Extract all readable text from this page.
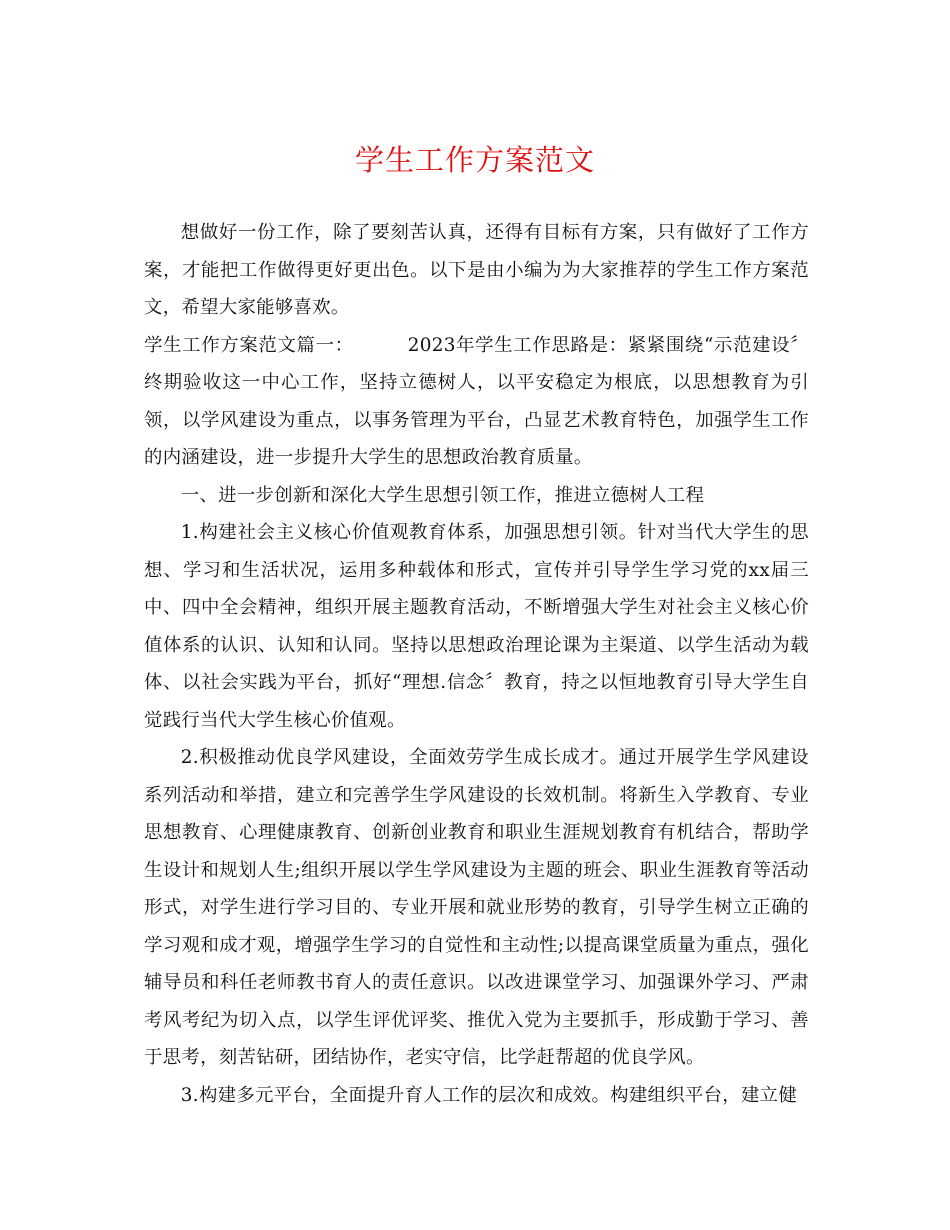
学生工作方案范文

想做好一份工作，除了要刻苦认真，还得有目标有方案，只有做好了工作方案，才能把工作做得更好更出色。以下是由小编为为大家推荐的学生工作方案范文，希望大家能够喜欢。

学生工作方案范文篇一：	2023年学生工作思路是：紧紧围绕“示范建设〞终期验收这一中心工作，坚持立德树人，以平安稳定为根底，以思想教育为引领，以学风建设为重点，以事务管理为平台，凸显艺术教育特色，加强学生工作的内涵建设，进一步提升大学生的思想政治教育质量。

一、进一步创新和深化大学生思想引领工作，推进立德树人工程

1.构建社会主义核心价值观教育体系，加强思想引领。针对当代大学生的思想、学习和生活状况，运用多种载体和形式，宣传并引导学生学习党的xx届三中、四中全会精神，组织开展主题教育活动，不断增强大学生对社会主义核心价值体系的认识、认知和认同。坚持以思想政治理论课为主渠道、以学生活动为载体、以社会实践为平台，抓好“理想.信念〞教育，持之以恒地教育引导大学生自觉践行当代大学生核心价值观。

2.积极推动优良学风建设，全面效劳学生成长成才。通过开展学生学风建设系列活动和举措，建立和完善学生学风建设的长效机制。将新生入学教育、专业思想教育、心理健康教育、创新创业教育和职业生涯规划教育有机结合，帮助学生设计和规划人生;组织开展以学生学风建设为主题的班会、职业生涯教育等活动形式，对学生进行学习目的、专业开展和就业形势的教育，引导学生树立正确的学习观和成才观，增强学生学习的自觉性和主动性;以提高课堂质量为重点，强化辅导员和科任老师教书育人的责任意识。以改进课堂学习、加强课外学习、严肃考风考纪为切入点，以学生评优评奖、推优入党为主要抓手，形成勤于学习、善于思考，刻苦钻研，团结协作，老实守信，比学赶帮超的优良学风。

3.构建多元平台，全面提升育人工作的层次和成效。构建组织平台，建立健
